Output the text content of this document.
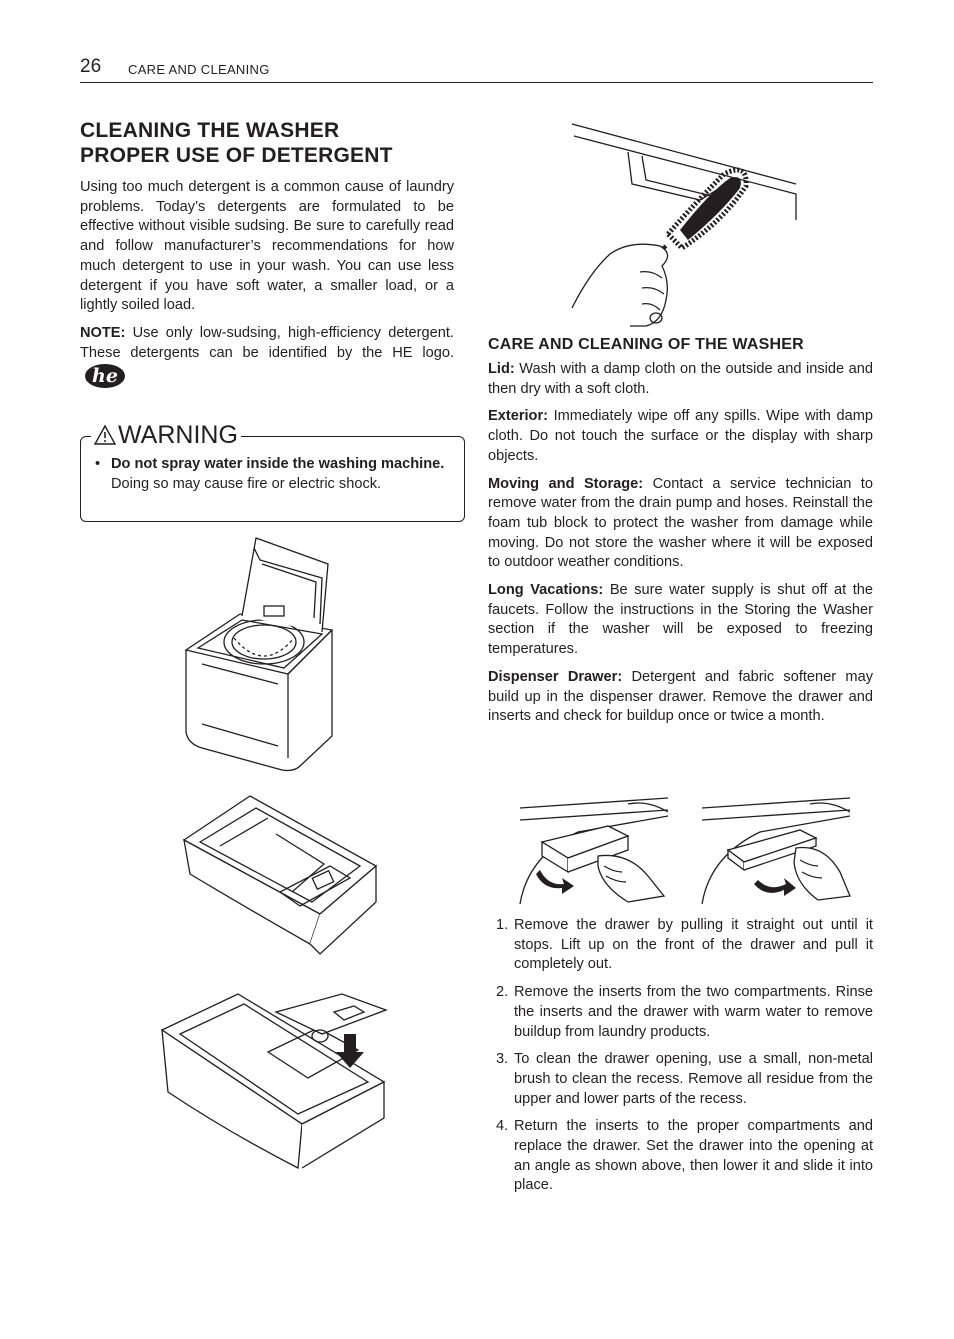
26 CARE AND CLEANING
CLEANING THE WASHER
PROPER USE OF DETERGENT

Using too much detergent is a common cause of laundry problems. Today’s detergents are formulated to be effective without visible sudsing. Be sure to carefully read and follow manufacturer’s recommendations for how much detergent to use in your wash. You can use less detergent if you have soft water, a smaller load, or a lightly soiled load.

NOTE: Use only low-sudsing, high-efficiency detergent. These detergents can be identified by the HE logo.
he

WARNING
• Do not spray water inside the washing machine. Doing so may cause fire or electric shock.
CARE AND CLEANING OF THE WASHER

Lid: Wash with a damp cloth on the outside and inside and then dry with a soft cloth.

Exterior: Immediately wipe off any spills. Wipe with damp cloth. Do not touch the surface or the display with sharp objects.

Moving and Storage: Contact a service technician to remove water from the drain pump and hoses. Reinstall the foam tub block to protect the washer from damage while moving. Do not store the washer where it will be exposed to outdoor weather conditions.

Long Vacations: Be sure water supply is shut off at the faucets. Follow the instructions in the Storing the Washer section if the washer will be exposed to freezing temperatures.

Dispenser Drawer: Detergent and fabric softener may build up in the dispenser drawer. Remove the drawer and inserts and check for buildup once or twice a month.

1. Remove the drawer by pulling it straight out until it stops. Lift up on the front of the drawer and pull it completely out.
2. Remove the inserts from the two compartments. Rinse the inserts and the drawer with warm water to remove buildup from laundry products.
3. To clean the drawer opening, use a small, non-metal brush to clean the recess. Remove all residue from the upper and lower parts of the recess.
4. Return the inserts to the proper compartments and replace the drawer. Set the drawer into the opening at an angle as shown above, then lower it and slide it into place.
